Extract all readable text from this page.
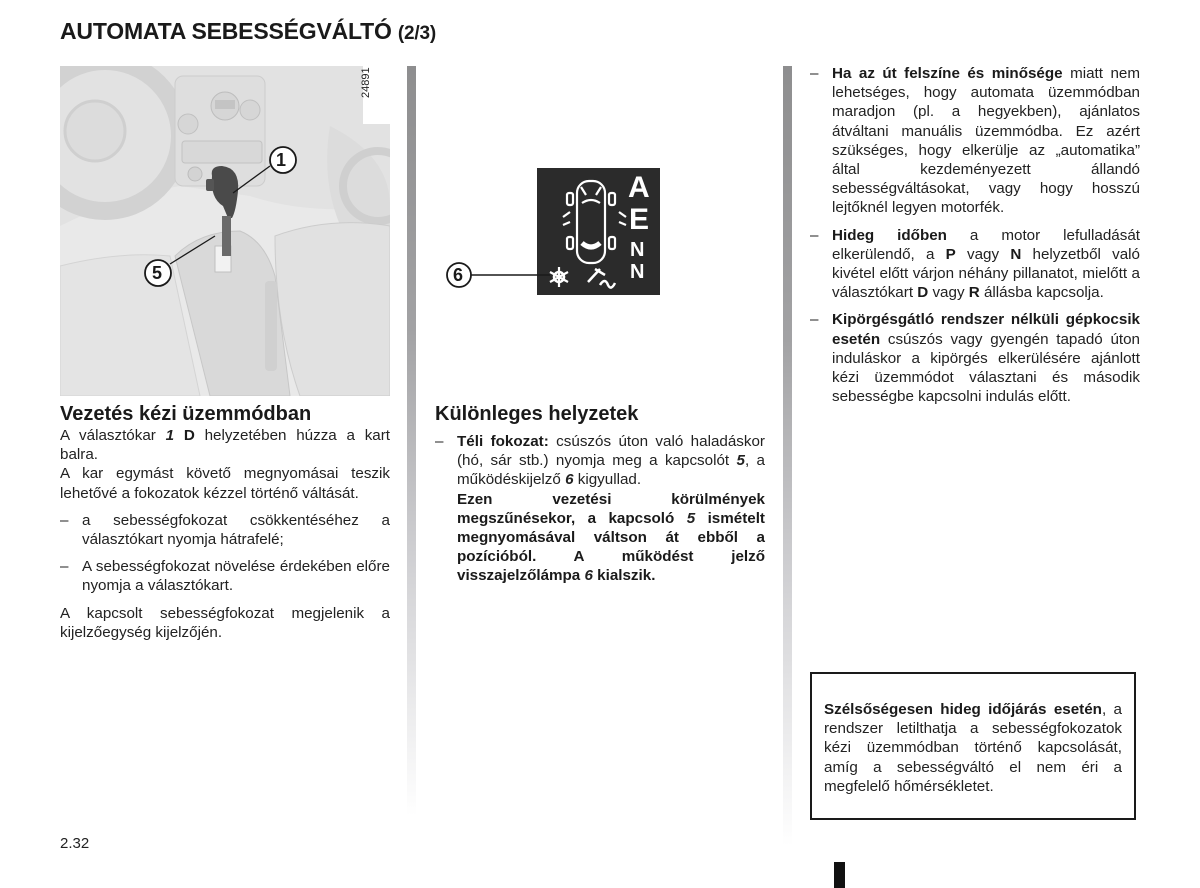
AUTOMATA SEBESSÉGVÁLTÓ (2/3)
1
5
24891
A
E
N
N
6

Vezetés kézi üzemmódban

A választókar 1 D helyzetében húzza a kart balra.

A kar egymást követő megnyomásai teszik lehetővé a fokozatok kézzel történő váltását.

– a sebességfokozat csökkentéséhez a választókart nyomja hátrafelé;

– A sebességfokozat növelése érdekében előre nyomja a választókart.

A kapcsolt sebességfokozat megjelenik a kijelzőegység kijelzőjén.

Különleges helyzetek

– Téli fokozat: csúszós úton való haladáskor (hó, sár stb.) nyomja meg a kapcsolót 5, a működéskijelző 6 kigyullad.
Ezen vezetési körülmények megszűnésekor, a kapcsoló 5 ismételt megnyomásával váltson át ebből a pozícióból. A működést jelző visszajelzőlámpa 6 kialszik.

– Ha az út felszíne és minősége miatt nem lehetséges, hogy automata üzemmódban maradjon (pl. a hegyekben), ajánlatos átváltani manuális üzemmódba. Ez azért szükséges, hogy elkerülje az „automatika” által kezdeményezett állandó sebességváltásokat, vagy hogy hosszú lejtőknél legyen motorfék.

– Hideg időben a motor lefulladását elkerülendő, a P vagy N helyzetből való kivétel előtt várjon néhány pillanatot, mielőtt a választókart D vagy R állásba kapcsolja.

– Kipörgésgátló rendszer nélküli gépkocsik esetén csúszós vagy gyengén tapadó úton induláskor a kipörgés elkerülésére ajánlott kézi üzemmódot választani és második sebességbe kapcsolni indulás előtt.

Szélsőségesen hideg időjárás esetén, a rendszer letilthatja a sebességfokozatok kézi üzemmódban történő kapcsolását, amíg a sebességváltó el nem éri a megfelelő hőmérsékletet.
2.32
